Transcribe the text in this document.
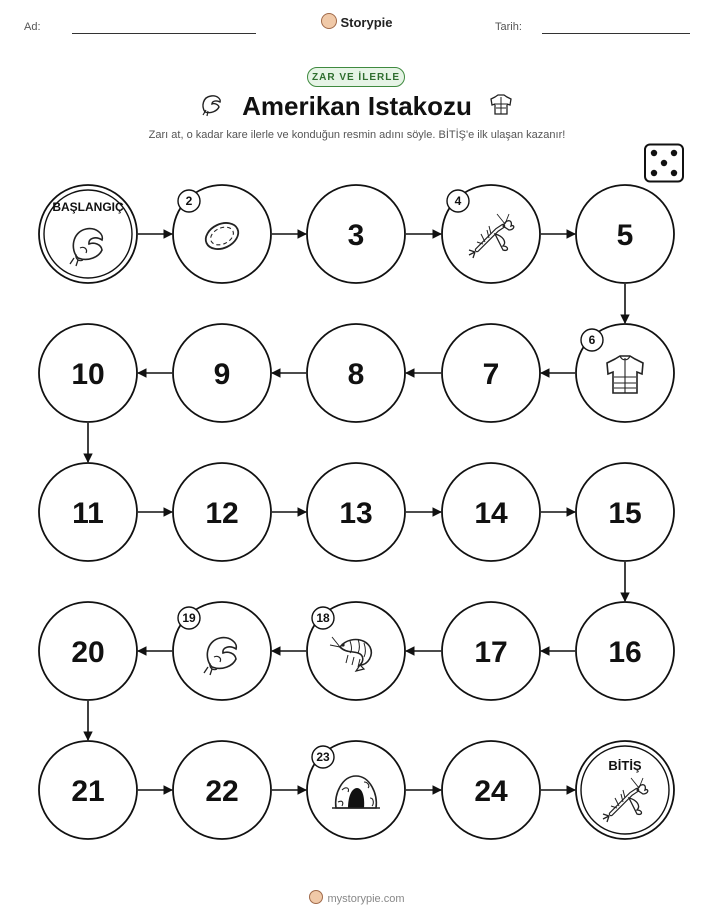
Ad:	Storypie	Tarih:
ZAR VE İLERLE
Amerikan Istakozu
Zarı at, o kadar kare ilerle ve konduğun resmin adını söyle. BİTİŞ'e ilk ulaşan kazanır!
BAŞLANGIÇ	2
3
4
5
6
7
8
9
10
11	12	13	14	15
16
17
18
19
20
21	22
23
24
BİTİŞ
mystorypie.com
